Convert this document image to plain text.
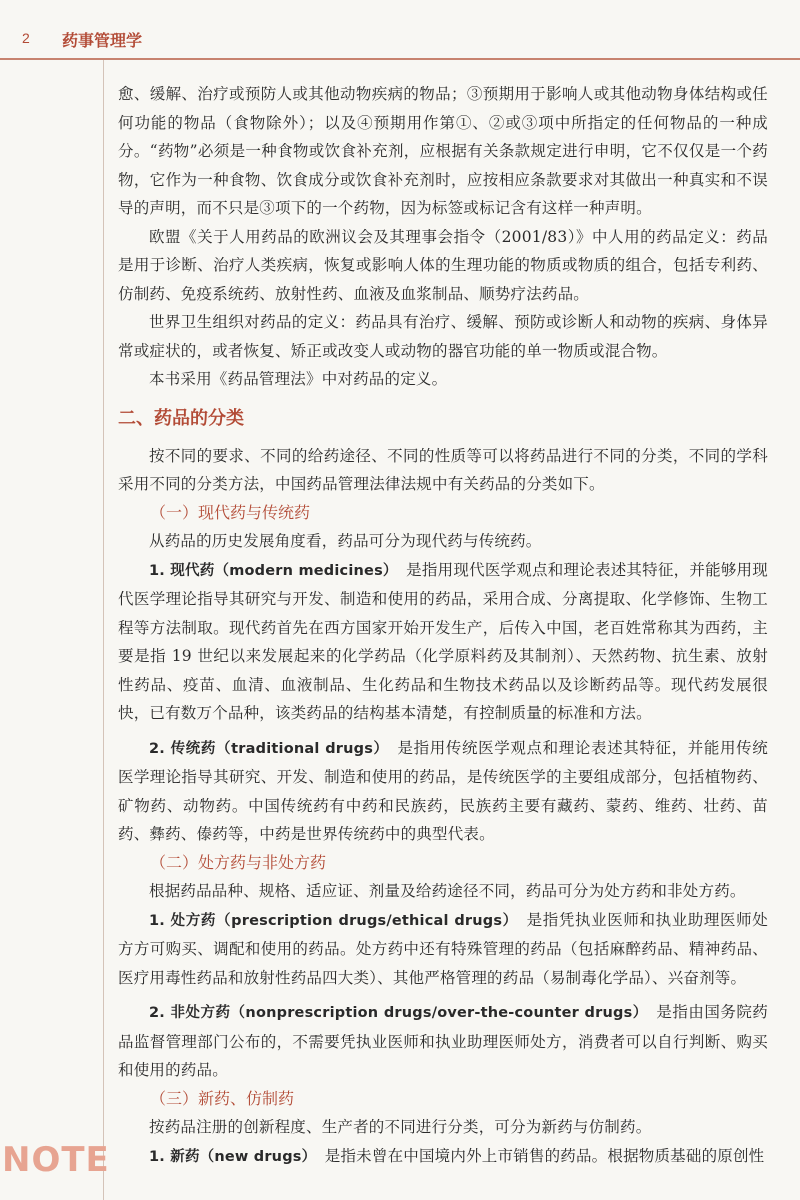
2 药事管理学

愈、缓解、治疗或预防人或其他动物疾病的物品；③预期用于影响人或其他动物身体结构或任何功能的物品（食物除外）；以及④预期用作第①、②或③项中所指定的任何物品的一种成分。“药物”必须是一种食物或饮食补充剂，应根据有关条款规定进行申明，它不仅仅是一个药物，它作为一种食物、饮食成分或饮食补充剂时，应按相应条款要求对其做出一种真实和不误导的声明，而不只是③项下的一个药物，因为标签或标记含有这样一种声明。

欧盟《关于人用药品的欧洲议会及其理事会指令（2001/83）》中人用的药品定义：药品是用于诊断、治疗人类疾病，恢复或影响人体的生理功能的物质或物质的组合，包括专利药、仿制药、免疫系统药、放射性药、血液及血浆制品、顺势疗法药品。

世界卫生组织对药品的定义：药品具有治疗、缓解、预防或诊断人和动物的疾病、身体异常或症状的，或者恢复、矫正或改变人或动物的器官功能的单一物质或混合物。

本书采用《药品管理法》中对药品的定义。

二、药品的分类

按不同的要求、不同的给药途径、不同的性质等可以将药品进行不同的分类，不同的学科采用不同的分类方法，中国药品管理法律法规中有关药品的分类如下。

（一）现代药与传统药

从药品的历史发展角度看，药品可分为现代药与传统药。

1. 现代药（modern medicines）　 是指用现代医学观点和理论表述其特征，并能够用现代医学理论指导其研究与开发、制造和使用的药品，采用合成、分离提取、化学修饰、生物工程等方法制取。现代药首先在西方国家开始开发生产，后传入中国，老百姓常称其为西药，主要是指 19 世纪以来发展起来的化学药品（化学原料药及其制剂）、天然药物、抗生素、放射性药品、疫苗、血清、血液制品、生化药品和生物技术药品以及诊断药品等。现代药发展很快，已有数万个品种，该类药品的结构基本清楚，有控制质量的标准和方法。

2. 传统药（traditional drugs）　 是指用传统医学观点和理论表述其特征，并能用传统医学理论指导其研究、开发、制造和使用的药品，是传统医学的主要组成部分，包括植物药、矿物药、动物药。中国传统药有中药和民族药，民族药主要有藏药、蒙药、维药、壮药、苗药、彝药、傣药等，中药是世界传统药中的典型代表。

（二）处方药与非处方药

根据药品品种、规格、适应证、剂量及给药途径不同，药品可分为处方药和非处方药。

1. 处方药（prescription drugs/ethical drugs）　 是指凭执业医师和执业助理医师处方方可购买、调配和使用的药品。处方药中还有特殊管理的药品（包括麻醉药品、精神药品、医疗用毒性药品和放射性药品四大类）、其他严格管理的药品（易制毒化学品）、兴奋剂等。

2. 非处方药（nonprescription drugs/over-the-counter drugs）　 是指由国务院药品监督管理部门公布的，不需要凭执业医师和执业助理医师处方，消费者可以自行判断、购买和使用的药品。

（三）新药、仿制药

按药品注册的创新程度、生产者的不同进行分类，可分为新药与仿制药。

1. 新药（new drugs）　 是指未曾在中国境内外上市销售的药品。根据物质基础的原创性

NOTE
